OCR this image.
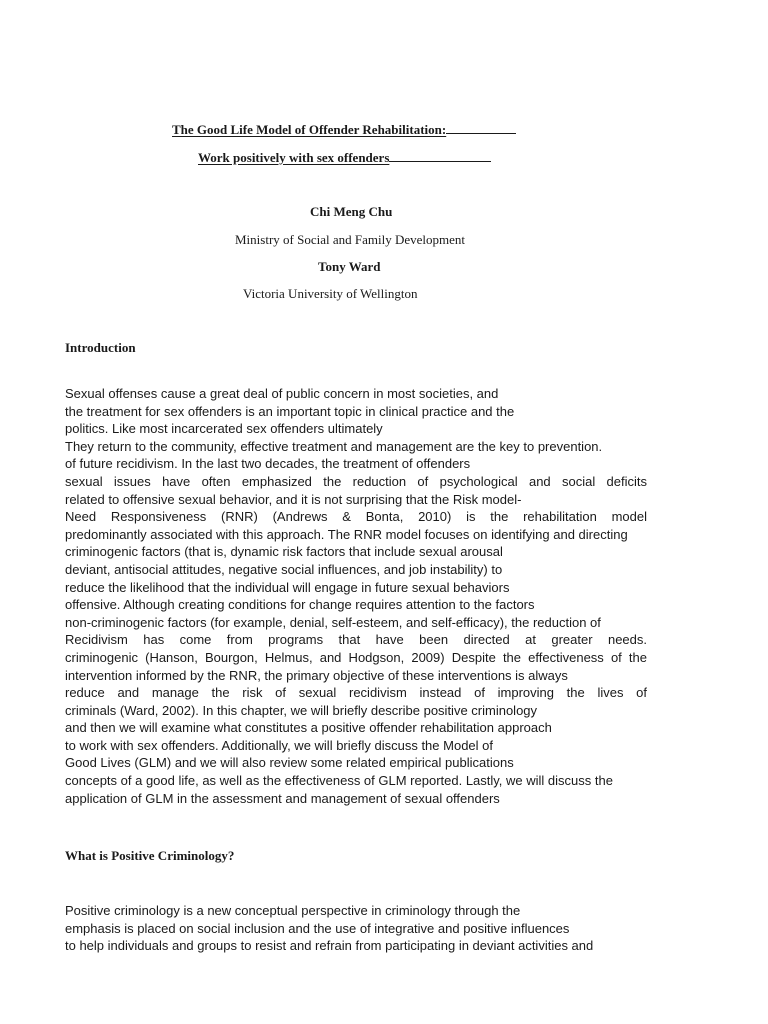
The Good Life Model of Offender Rehabilitation:
Work positively with sex offenders
Chi Meng Chu
Ministry of Social and Family Development
Tony Ward
Victoria University of Wellington
Introduction
Sexual offenses cause a great deal of public concern in most societies, and
the treatment for sex offenders is an important topic in clinical practice and the
politics. Like most incarcerated sex offenders ultimately
They return to the community, effective treatment and management are the key to prevention.
of future recidivism. In the last two decades, the treatment of offenders
sexual issues have often emphasized the reduction of psychological and social deficits
related to offensive sexual behavior, and it is not surprising that the Risk model-
Need Responsiveness (RNR) (Andrews & Bonta, 2010) is the rehabilitation model
predominantly associated with this approach. The RNR model focuses on identifying and directing
criminogenic factors (that is, dynamic risk factors that include sexual arousal
deviant, antisocial attitudes, negative social influences, and job instability) to
reduce the likelihood that the individual will engage in future sexual behaviors
offensive. Although creating conditions for change requires attention to the factors
non-criminogenic factors (for example, denial, self-esteem, and self-efficacy), the reduction of
Recidivism has come from programs that have been directed at greater needs.
criminogenic (Hanson, Bourgon, Helmus, and Hodgson, 2009) Despite the effectiveness of the
intervention informed by the RNR, the primary objective of these interventions is always
reduce and manage the risk of sexual recidivism instead of improving the lives of
criminals (Ward, 2002). In this chapter, we will briefly describe positive criminology
and then we will examine what constitutes a positive offender rehabilitation approach
to work with sex offenders. Additionally, we will briefly discuss the Model of
Good Lives (GLM) and we will also review some related empirical publications
concepts of a good life, as well as the effectiveness of GLM reported. Lastly, we will discuss the
application of GLM in the assessment and management of sexual offenders
What is Positive Criminology?
Positive criminology is a new conceptual perspective in criminology through the
emphasis is placed on social inclusion and the use of integrative and positive influences
to help individuals and groups to resist and refrain from participating in deviant activities and
